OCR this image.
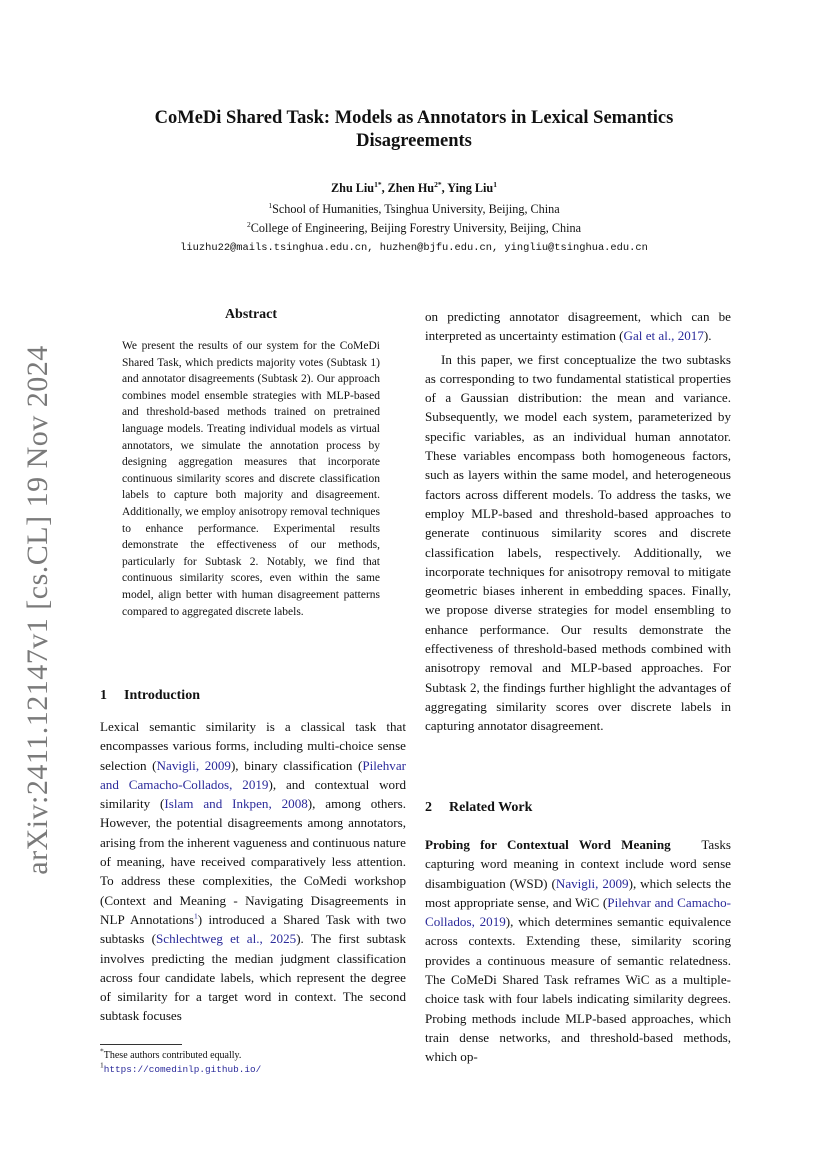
arXiv:2411.12147v1 [cs.CL] 19 Nov 2024
CoMeDi Shared Task: Models as Annotators in Lexical Semantics Disagreements
Zhu Liu$^{1*}$, Zhen $Hu^{2*}$, Ying Liu$^1$
$^1$School of Humanities, Tsinghua University, Beijing, China
$^2$College of Engineering, Beijing Forestry University, Beijing, China
liuzhu22@mails.tsinghua.edu.cn, huzhen@bjfu.edu.cn, yingliu@tsinghua.edu.cn
Abstract
We present the results of our system for the CoMeDi Shared Task, which predicts majority votes (Subtask 1) and annotator disagreements (Subtask 2). Our approach combines model ensemble strategies with MLP-based and threshold-based methods trained on pretrained language models. Treating individual models as virtual annotators, we simulate the annotation process by designing aggregation measures that incorporate continuous similarity scores and discrete classification labels to capture both majority and disagreement. Additionally, we employ anisotropy removal techniques to enhance performance. Experimental results demonstrate the effectiveness of our methods, particularly for Subtask 2. Notably, we find that continuous similarity scores, even within the same model, align better with human disagreement patterns compared to aggregated discrete labels.
1 Introduction

Lexical semantic similarity is a classical task that encompasses various forms, including multi-choice sense selection (Navigli, 2009), binary classification (Pilehvar and Camacho-Collados, 2019), and contextual word similarity (Islam and Inkpen, 2008), among others. However, the potential disagreements among annotators, arising from the inherent vagueness and continuous nature of meaning, have received comparatively less attention. To address these complexities, the CoMedi workshop (Context and Meaning - Navigating Disagreements in NLP Annotations$^1$) introduced a Shared Task with two subtasks (Schlechtweg et al., 2025). The first subtask involves predicting the median judgment classification across four candidate labels, which represent the degree of similarity for a target word in context. The second subtask focuses

*These authors contributed equally.
$^1$https://comedinlp.github.io/

on predicting annotator disagreement, which can be interpreted as uncertainty estimation (Gal et al., 2017).

In this paper, we first conceptualize the two subtasks as corresponding to two fundamental statistical properties of a Gaussian distribution: the mean and variance. Subsequently, we model each system, parameterized by specific variables, as an individual human annotator. These variables encompass both homogeneous factors, such as layers within the same model, and heterogeneous factors across different models. To address the tasks, we employ MLP-based and threshold-based approaches to generate continuous similarity scores and discrete classification labels, respectively. Additionally, we incorporate techniques for anisotropy removal to mitigate geometric biases inherent in embedding spaces. Finally, we propose diverse strategies for model ensembling to enhance performance. Our results demonstrate the effectiveness of threshold-based methods combined with anisotropy removal and MLP-based approaches. For Subtask 2, the findings further highlight the advantages of aggregating similarity scores over discrete labels in capturing annotator disagreement.

2 Related Work

Probing for Contextual Word Meaning Tasks capturing word meaning in context include word sense disambiguation (WSD) (Navigli, 2009), which selects the most appropriate sense, and WiC (Pilehvar and Camacho-Collados, 2019), which determines semantic equivalence across contexts. Extending these, similarity scoring provides a continuous measure of semantic relatedness. The CoMeDi Shared Task reframes WiC as a multiple-choice task with four labels indicating similarity degrees. Probing methods include MLP-based approaches, which train dense networks, and threshold-based methods, which op-
